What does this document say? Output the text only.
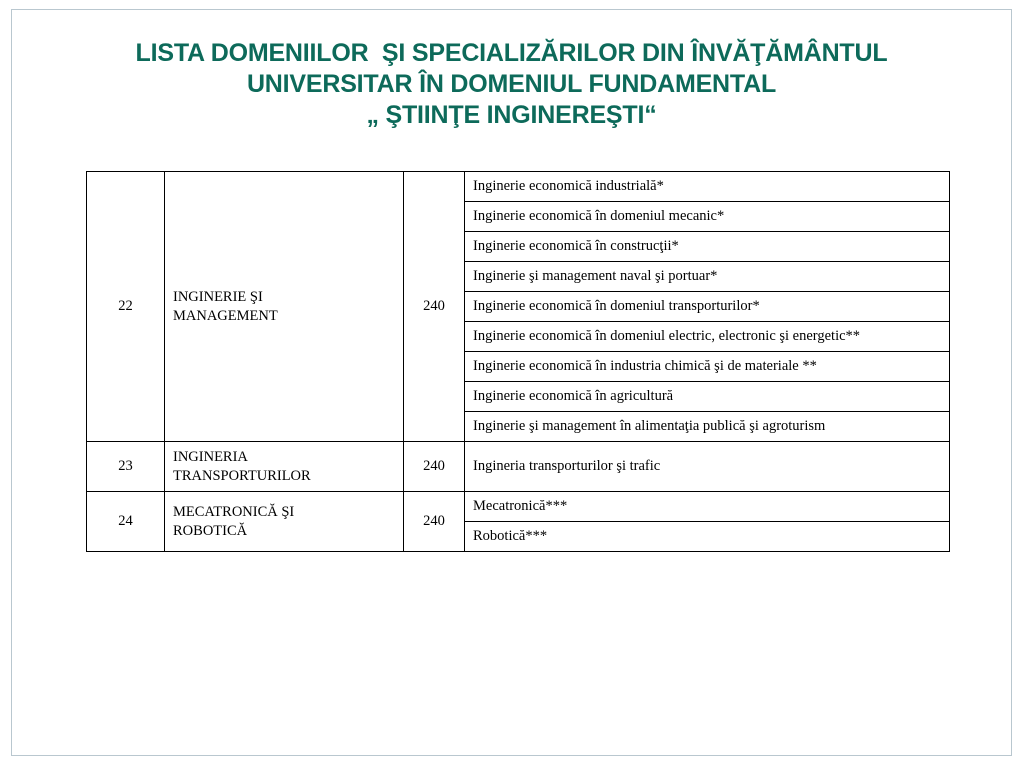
LISTA DOMENIILOR  ŞI SPECIALIZĂRILOR DIN ÎNVĂŢĂMÂNTUL
UNIVERSITAR ÎN DOMENIUL FUNDAMENTAL
„ ŞTIINŢE INGINEREŞTI“
22	INGINERIE ŞI
MANAGEMENT	240	Inginerie economică industrială*
			Inginerie economică în domeniul mecanic*
			Inginerie economică în construcţii*
			Inginerie şi management naval şi portuar*
			Inginerie economică în domeniul transporturilor*
			Inginerie economică în domeniul electric, electronic şi energetic**
			Inginerie economică în industria chimică şi de materiale **
			Inginerie economică în agricultură
			Inginerie şi management în alimentaţia publică şi agroturism
23	INGINERIA
TRANSPORTURILOR	240	Ingineria transporturilor şi trafic
24	MECATRONICĂ ŞI
ROBOTICĂ	240	Mecatronică***
			Robotică***
